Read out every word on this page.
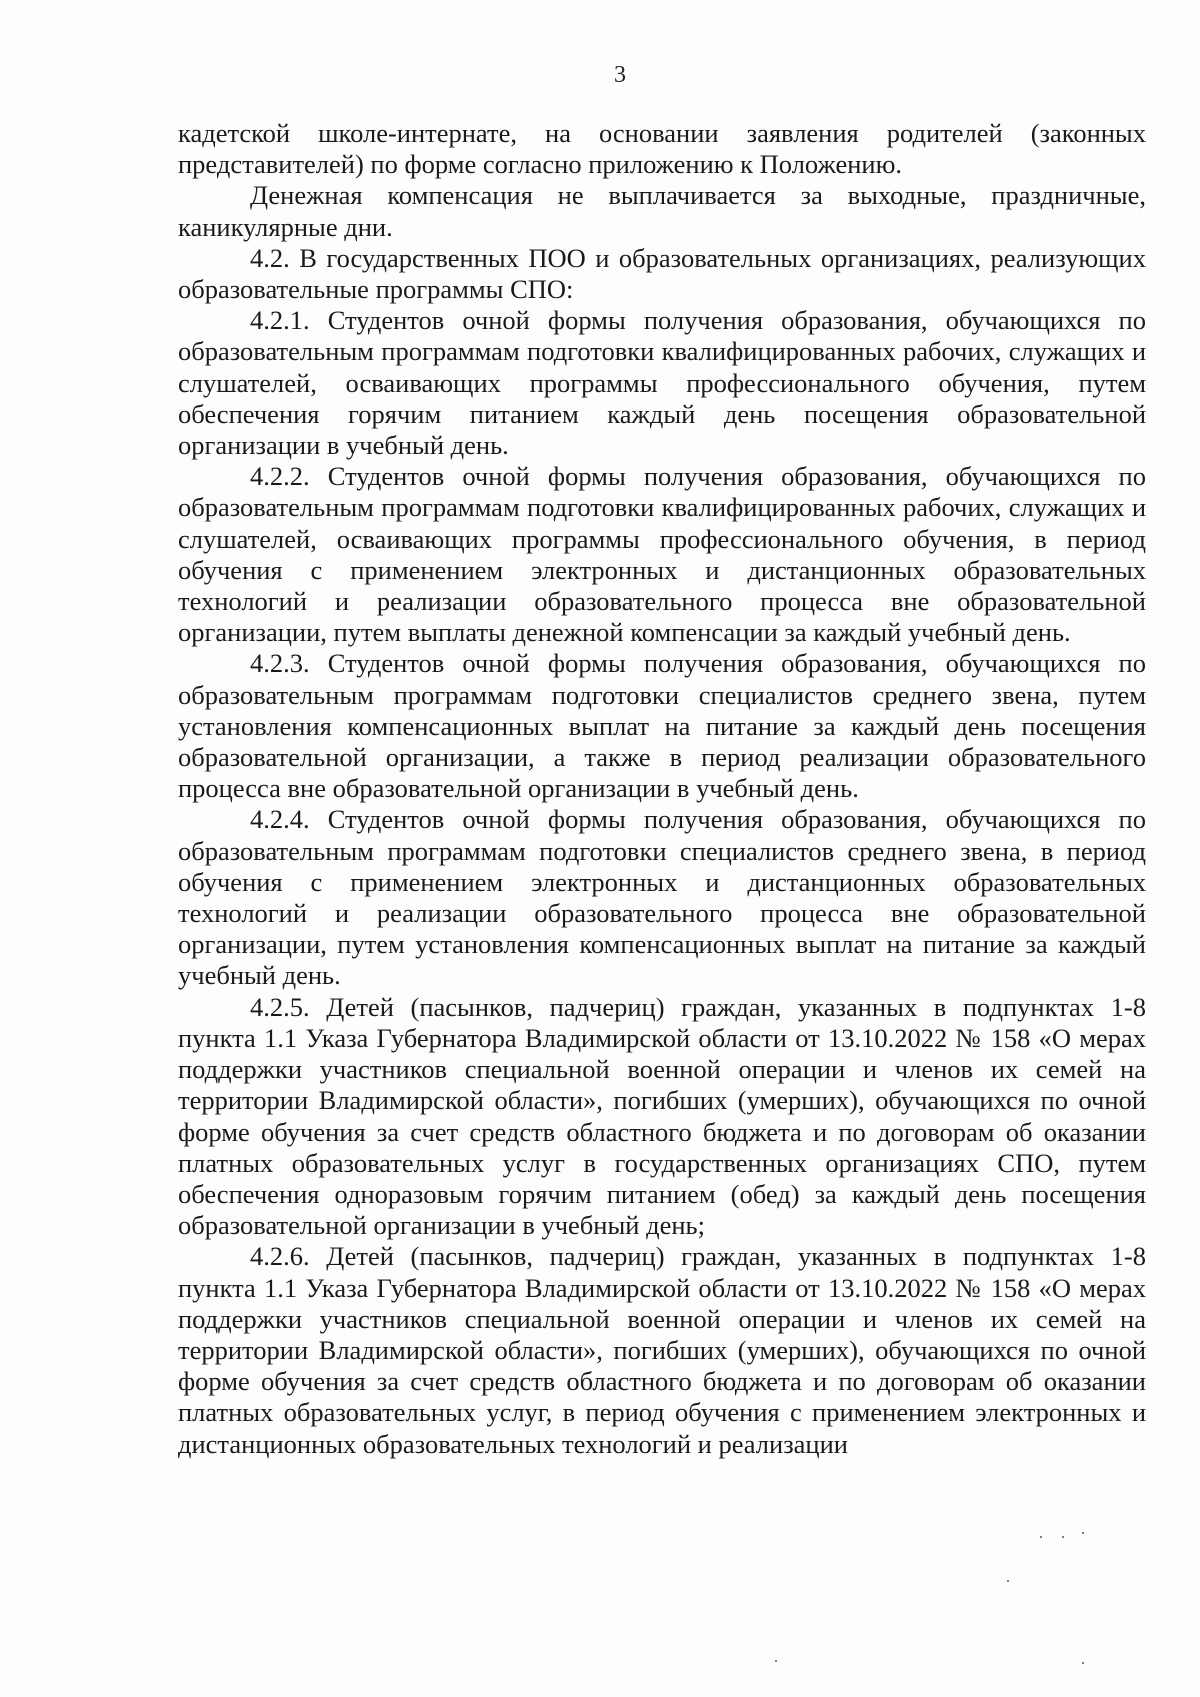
3

кадетской школе-интернате, на основании заявления родителей (законных представителей) по форме согласно приложению к Положению.

Денежная компенсация не выплачивается за выходные, праздничные, каникулярные дни.

4.2. В государственных ПОО и образовательных организациях, реализующих образовательные программы СПО:

4.2.1. Студентов очной формы получения образования, обучающихся по образовательным программам подготовки квалифицированных рабочих, служащих и слушателей, осваивающих программы профессионального обучения, путем обеспечения горячим питанием каждый день посещения образовательной организации в учебный день.

4.2.2. Студентов очной формы получения образования, обучающихся по образовательным программам подготовки квалифицированных рабочих, служащих и слушателей, осваивающих программы профессионального обучения, в период обучения с применением электронных и дистанционных образовательных технологий и реализации образовательного процесса вне образовательной организации, путем выплаты денежной компенсации за каждый учебный день.

4.2.3. Студентов очной формы получения образования, обучающихся по образовательным программам подготовки специалистов среднего звена, путем установления компенсационных выплат на питание за каждый день посещения образовательной организации, а также в период реализации образовательного процесса вне образовательной организации в учебный день.

4.2.4. Студентов очной формы получения образования, обучающихся по образовательным программам подготовки специалистов среднего звена, в период обучения с применением электронных и дистанционных образовательных технологий и реализации образовательного процесса вне образовательной организации, путем установления компенсационных выплат на питание за каждый учебный день.

4.2.5. Детей (пасынков, падчериц) граждан, указанных в подпунктах 1-8 пункта 1.1 Указа Губернатора Владимирской области от 13.10.2022 № 158 «О мерах поддержки участников специальной военной операции и членов их семей на территории Владимирской области», погибших (умерших), обучающихся по очной форме обучения за счет средств областного бюджета и по договорам об оказании платных образовательных услуг в государственных организациях СПО, путем обеспечения одноразовым горячим питанием (обед) за каждый день посещения образовательной организации в учебный день;

4.2.6. Детей (пасынков, падчериц) граждан, указанных в подпунктах 1-8 пункта 1.1 Указа Губернатора Владимирской области от 13.10.2022 № 158 «О мерах поддержки участников специальной военной операции и членов их семей на территории Владимирской области», погибших (умерших), обучающихся по очной форме обучения за счет средств областного бюджета и по договорам об оказании платных образовательных услуг, в период обучения с применением электронных и дистанционных образовательных технологий и реализации
